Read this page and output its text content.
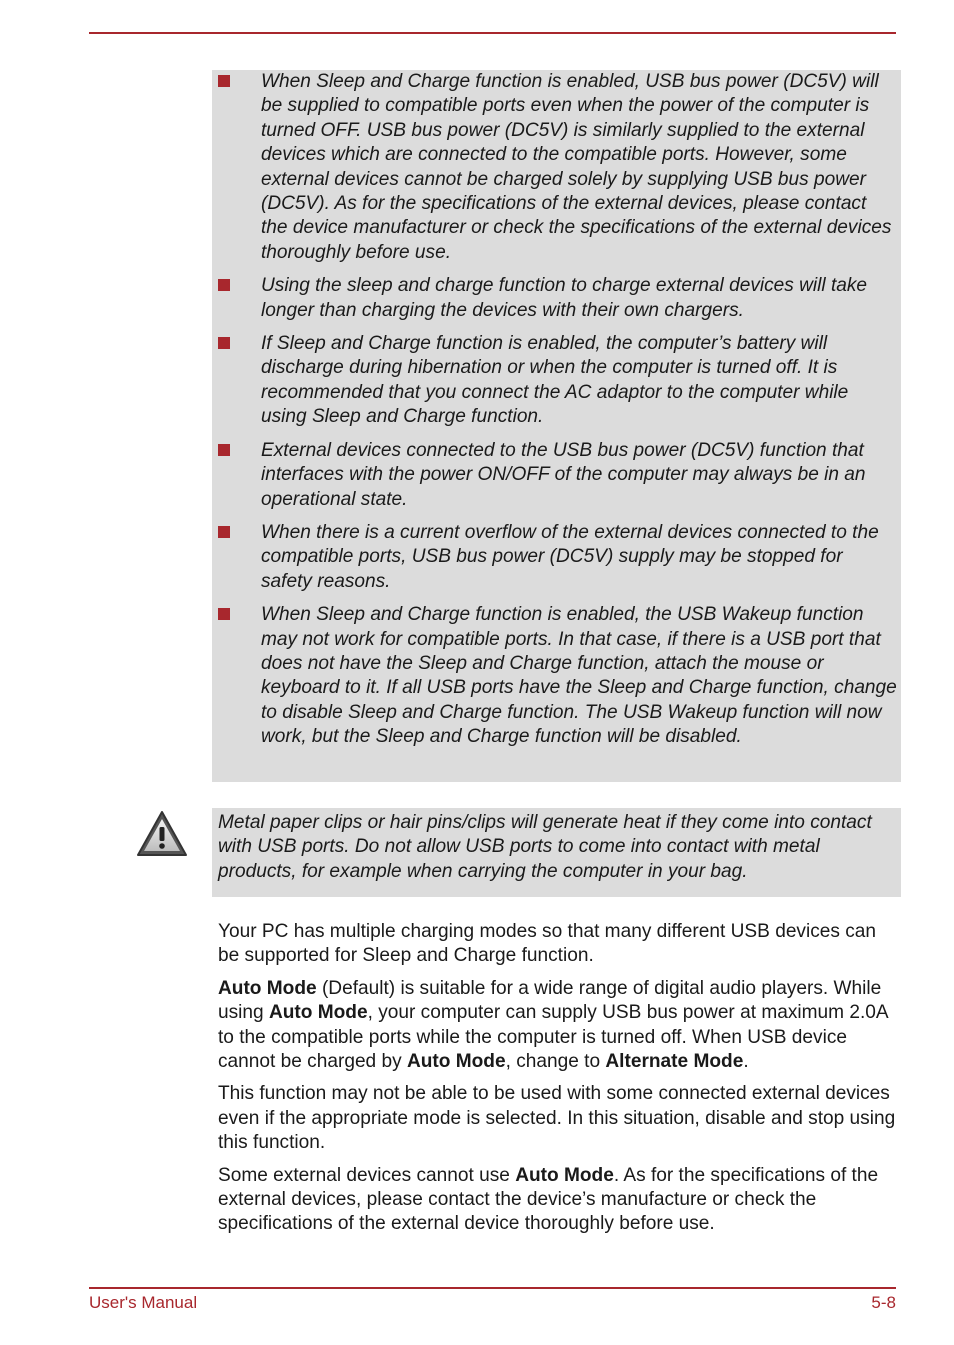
When Sleep and Charge function is enabled, USB bus power (DC5V) will be supplied to compatible ports even when the power of the computer is turned OFF. USB bus power (DC5V) is similarly supplied to the external devices which are connected to the compatible ports. However, some external devices cannot be charged solely by supplying USB bus power (DC5V). As for the specifications of the external devices, please contact the device manufacturer or check the specifications of the external devices thoroughly before use.
Using the sleep and charge function to charge external devices will take longer than charging the devices with their own chargers.
If Sleep and Charge function is enabled, the computer’s battery will discharge during hibernation or when the computer is turned off. It is recommended that you connect the AC adaptor to the computer while using Sleep and Charge function.
External devices connected to the USB bus power (DC5V) function that interfaces with the power ON/OFF of the computer may always be in an operational state.
When there is a current overflow of the external devices connected to the compatible ports, USB bus power (DC5V) supply may be stopped for safety reasons.
When Sleep and Charge function is enabled, the USB Wakeup function may not work for compatible ports. In that case, if there is a USB port that does not have the Sleep and Charge function, attach the mouse or keyboard to it. If all USB ports have the Sleep and Charge function, change to disable Sleep and Charge function. The USB Wakeup function will now work, but the Sleep and Charge function will be disabled.
Metal paper clips or hair pins/clips will generate heat if they come into contact with USB ports. Do not allow USB ports to come into contact with metal products, for example when carrying the computer in your bag.

Your PC has multiple charging modes so that many different USB devices can be supported for Sleep and Charge function.

Auto Mode (Default) is suitable for a wide range of digital audio players. While using Auto Mode, your computer can supply USB bus power at maximum 2.0A to the compatible ports while the computer is turned off. When USB device cannot be charged by Auto Mode, change to Alternate Mode.

This function may not be able to be used with some connected external devices even if the appropriate mode is selected. In this situation, disable and stop using this function.

Some external devices cannot use Auto Mode. As for the specifications of the external devices, please contact the device’s manufacture or check the specifications of the external device thoroughly before use.

User's Manual	5-8
